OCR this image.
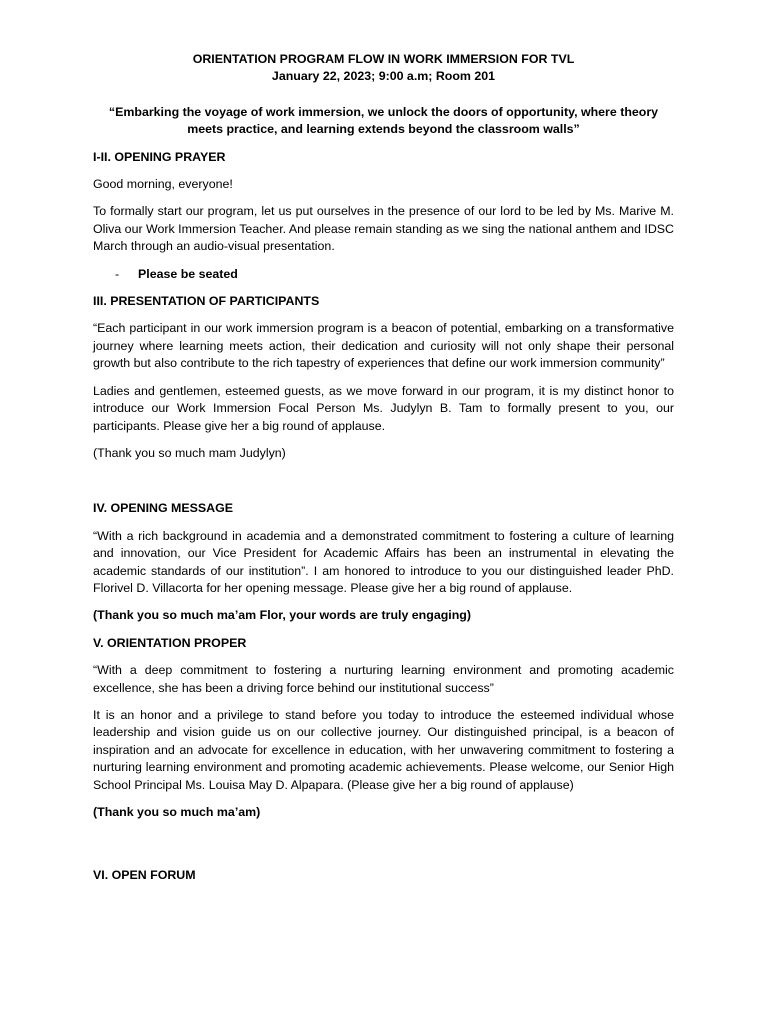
ORIENTATION PROGRAM FLOW IN WORK IMMERSION FOR TVL
January 22, 2023; 9:00 a.m; Room 201
“Embarking the voyage of work immersion, we unlock the doors of opportunity, where theory meets practice, and learning extends beyond the classroom walls”
I-II. OPENING PRAYER

Good morning, everyone!

To formally start our program, let us put ourselves in the presence of our lord to be led by Ms. Marive M. Oliva our Work Immersion Teacher. And please remain standing as we sing the national anthem and IDSC March through an audio-visual presentation.

-	Please be seated
III. PRESENTATION OF PARTICIPANTS

“Each participant in our work immersion program is a beacon of potential, embarking on a transformative journey where learning meets action, their dedication and curiosity will not only shape their personal growth but also contribute to the rich tapestry of experiences that define our work immersion community”

Ladies and gentlemen, esteemed guests, as we move forward in our program, it is my distinct honor to introduce our Work Immersion Focal Person Ms. Judylyn B. Tam to formally present to you, our participants. Please give her a big round of applause.

(Thank you so much mam Judylyn)

IV. OPENING MESSAGE

“With a rich background in academia and a demonstrated commitment to fostering a culture of learning and innovation, our Vice President for Academic Affairs has been an instrumental in elevating the academic standards of our institution”. I am honored to introduce to you our distinguished leader PhD. Florivel D. Villacorta for her opening message. Please give her a big round of applause.

(Thank you so much ma’am Flor, your words are truly engaging)

V. ORIENTATION PROPER

“With a deep commitment to fostering a nurturing learning environment and promoting academic excellence, she has been a driving force behind our institutional success”

It is an honor and a privilege to stand before you today to introduce the esteemed individual whose leadership and vision guide us on our collective journey. Our distinguished principal, is a beacon of inspiration and an advocate for excellence in education, with her unwavering commitment to fostering a nurturing learning environment and promoting academic achievements. Please welcome, our Senior High School Principal Ms. Louisa May D. Alpapara. (Please give her a big round of applause)

(Thank you so much ma’am)

VI. OPEN FORUM
